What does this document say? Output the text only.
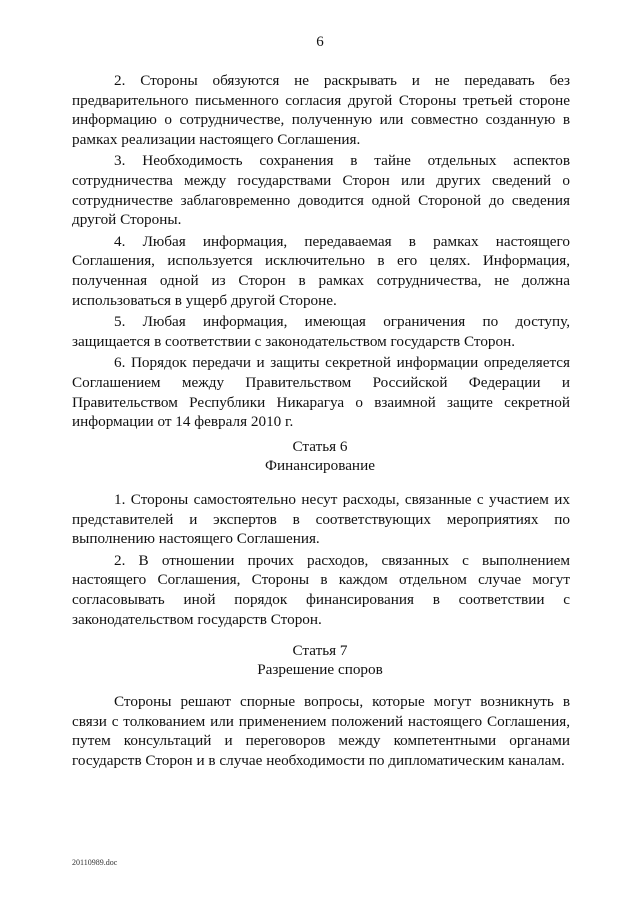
6

2. Стороны обязуются не раскрывать и не передавать без предварительного письменного согласия другой Стороны третьей стороне информацию о сотрудничестве, полученную или совместно созданную в рамках реализации настоящего Соглашения.

3. Необходимость сохранения в тайне отдельных аспектов сотрудничества между государствами Сторон или других сведений о сотрудничестве заблаговременно доводится одной Стороной до сведения другой Стороны.

4. Любая информация, передаваемая в рамках настоящего Соглашения, используется исключительно в его целях. Информация, полученная одной из Сторон в рамках сотрудничества, не должна использоваться в ущерб другой Стороне.

5. Любая информация, имеющая ограничения по доступу, защищается в соответствии с законодательством государств Сторон.

6. Порядок передачи и защиты секретной информации определяется Соглашением между Правительством Российской Федерации и Правительством Республики Никарагуа о взаимной защите секретной информации от 14 февраля 2010 г.

Статья 6
Финансирование

1. Стороны самостоятельно несут расходы, связанные с участием их представителей и экспертов в соответствующих мероприятиях по выполнению настоящего Соглашения.

2. В отношении прочих расходов, связанных с выполнением настоящего Соглашения, Стороны в каждом отдельном случае могут согласовывать иной порядок финансирования в соответствии с законодательством государств Сторон.

Статья 7
Разрешение споров

Стороны решают спорные вопросы, которые могут возникнуть в связи с толкованием или применением положений настоящего Соглашения, путем консультаций и переговоров между компетентными органами государств Сторон и в случае необходимости по дипломатическим каналам.

20110989.doc
